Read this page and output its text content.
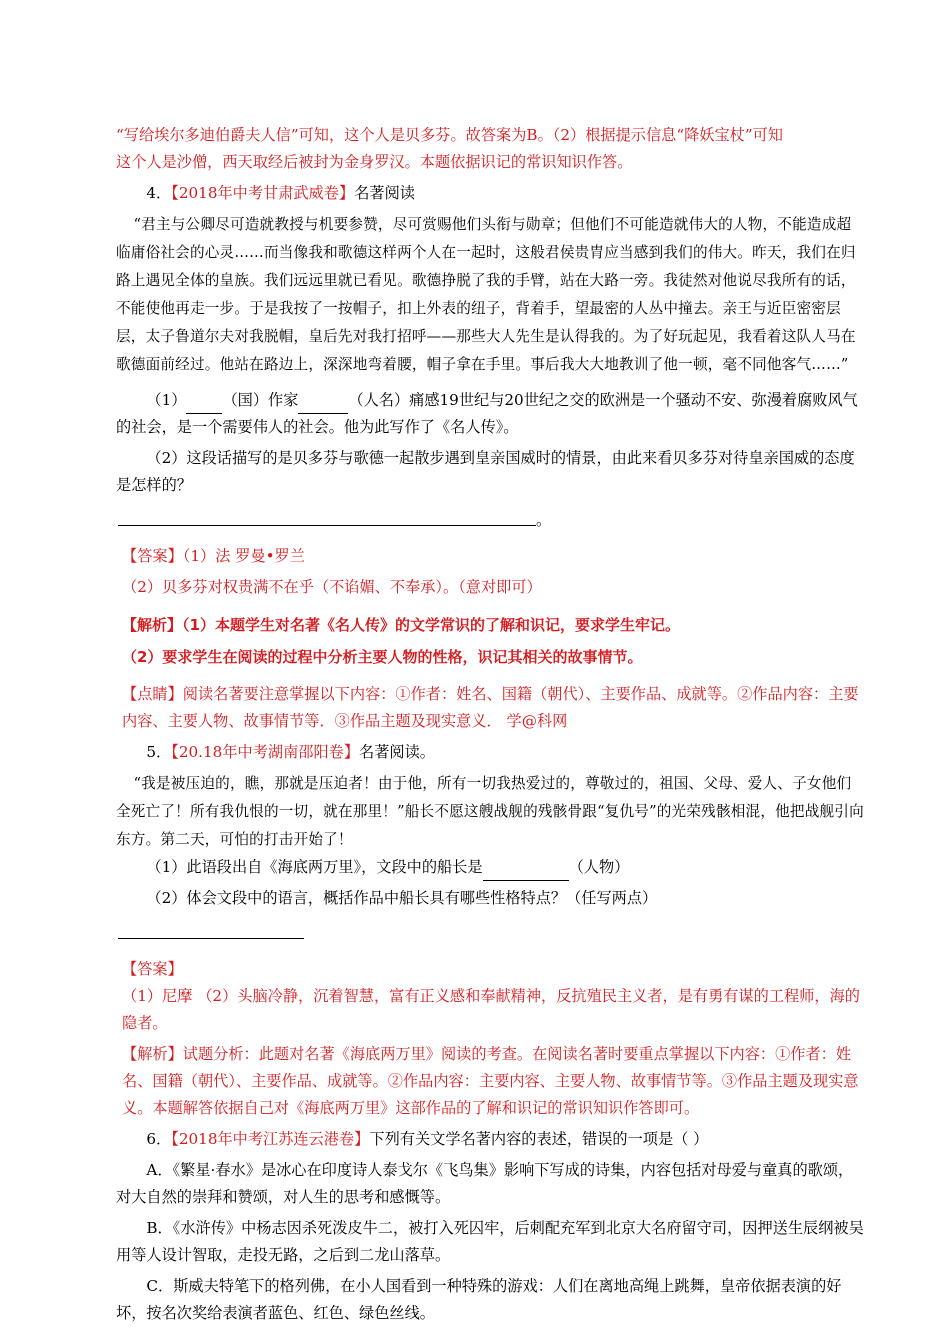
“写给埃尔多迪伯爵夫人信”可知，这个人是贝多芬。故答案为B。（2）根据提示信息“降妖宝杖”可知

这个人是沙僧，西天取经后被封为金身罗汉。本题依据识记的常识知识作答。

4．【2018年中考甘肃武威卷】名著阅读

“君主与公卿尽可造就教授与机要参赞，尽可赏赐他们头衔与勋章；但他们不可能造就伟大的人物，不能造成超临庸俗社会的心灵……而当像我和歌德这样两个人在一起时，这般君侯贵胄应当感到我们的伟大。昨天，我们在归路上遇见全体的皇族。我们远远里就已看见。歌德挣脱了我的手臂，站在大路一旁。我徒然对他说尽我所有的话，不能使他再走一步。于是我按了一按帽子，扣上外表的纽子，背着手，望最密的人丛中撞去。亲王与近臣密密层层，太子鲁道尔夫对我脱帽，皇后先对我打招呼——那些大人先生是认得我的。为了好玩起见，我看着这队人马在歌德面前经过。他站在路边上，深深地弯着腰，帽子拿在手里。事后我大大地教训了他一顿，毫不同他客气……”

（1） （国）作家	（人名）痛感19世纪与20世纪之交的欧洲是一个骚动不安、弥漫着腐败风气的社会，是一个需要伟人的社会。他为此写作了《名人传》。

（2）这段话描写的是贝多芬与歌德一起散步遇到皇亲国威时的情景，由此来看贝多芬对待皇亲国威的态度是怎样的？

。

【答案】（1）法 罗曼•罗兰

（2）贝多芬对权贵满不在乎（不谄媚、不奉承）。（意对即可）

【解析】（1）本题学生对名著《名人传》的文学常识的了解和识记，要求学生牢记。

（2）要求学生在阅读的过程中分析主要人物的性格，识记其相关的故事情节。

【点睛】阅读名著要注意掌握以下内容：①作者：姓名、国籍（朝代）、主要作品、成就等。②作品内容：主要内容、主要人物、故事情节等．③作品主题及现实意义． 学@科网

5．【20.18年中考湖南邵阳卷】名著阅读。

“我是被压迫的，瞧，那就是压迫者！由于他，所有一切我热爱过的，尊敬过的，祖国、父母、爱人、子女他们全死亡了！所有我仇恨的一切，就在那里！”船长不愿这艘战舰的残骸骨跟“复仇号”的光荣残骸相混，他把战舰引向东方。第二天，可怕的打击开始了！

（1）此语段出自《海底两万里》，文段中的船长是	（人物）

（2）体会文段中的语言，概括作品中船长具有哪些性格特点？（任写两点）

【答案】

（1）尼摩 （2）头脑冷静，沉着智慧，富有正义感和奉献精神，反抗殖民主义者，是有勇有谋的工程师，海的隐者。

【解析】试题分析：此题对名著《海底两万里》阅读的考查。在阅读名著时要重点掌握以下内容：①作者：姓名、国籍（朝代）、主要作品、成就等。②作品内容：主要内容、主要人物、故事情节等。③作品主题及现实意义。本题解答依据自己对《海底两万里》这部作品的了解和识记的常识知识作答即可。

6．【2018年中考江苏连云港卷】下列有关文学名著内容的表述，错误的一项是（ ）

A．《繁星·春水》是冰心在印度诗人泰戈尔《飞鸟集》影响下写成的诗集，内容包括对母爱与童真的歌颂，对大自然的崇拜和赞颂，对人生的思考和感慨等。

B．《水浒传》中杨志因杀死泼皮牛二，被打入死囚牢，后刺配充军到北京大名府留守司，因押送生辰纲被吴用等人设计智取，走投无路，之后到二龙山落草。

C．斯威夫特笔下的格列佛，在小人国看到一种特殊的游戏：人们在离地高绳上跳舞，皇帝依据表演的好坏，按名次奖给表演者蓝色、红色、绿色丝线。
